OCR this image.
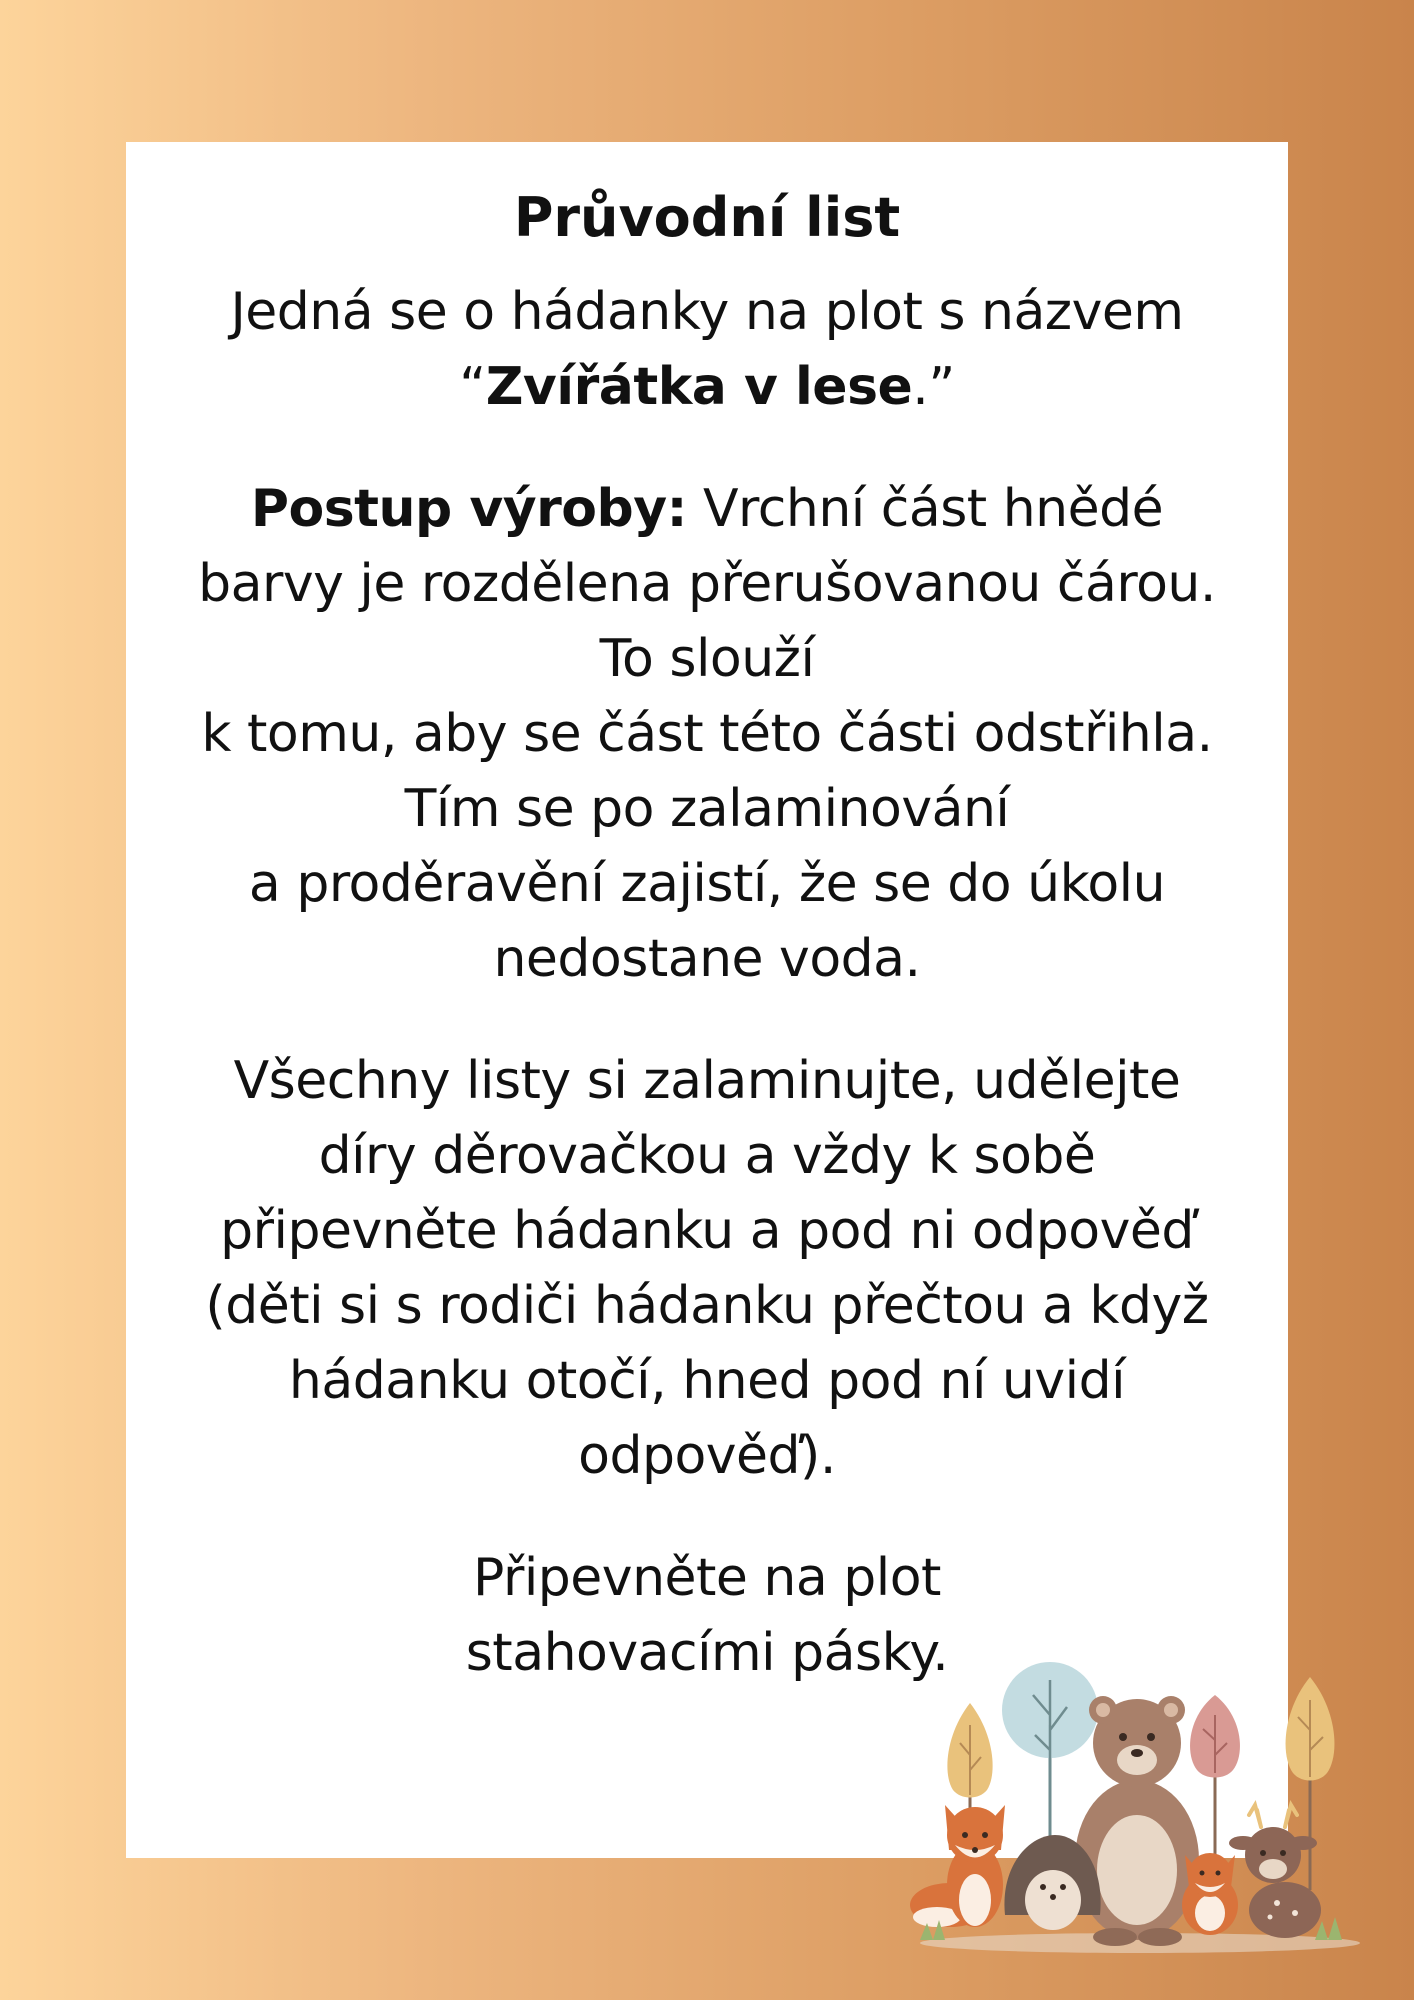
Průvodní list

Jedná se o hádanky na plot s názvem
“Zvířátka v lese.”

Postup výroby: Vrchní část hnědé
barvy je rozdělena přerušovanou čárou.
To slouží
k tomu, aby se část této části odstřihla.
Tím se po zalaminování
a proděravění zajistí, že se do úkolu
nedostane voda.

Všechny listy si zalaminujte, udělejte
díry děrovačkou a vždy k sobě
připevněte hádanku a pod ni odpověď
(děti si s rodiči hádanku přečtou a když
hádanku otočí, hned pod ní uvidí
odpověď).

Připevněte na plot
stahovacími pásky.
